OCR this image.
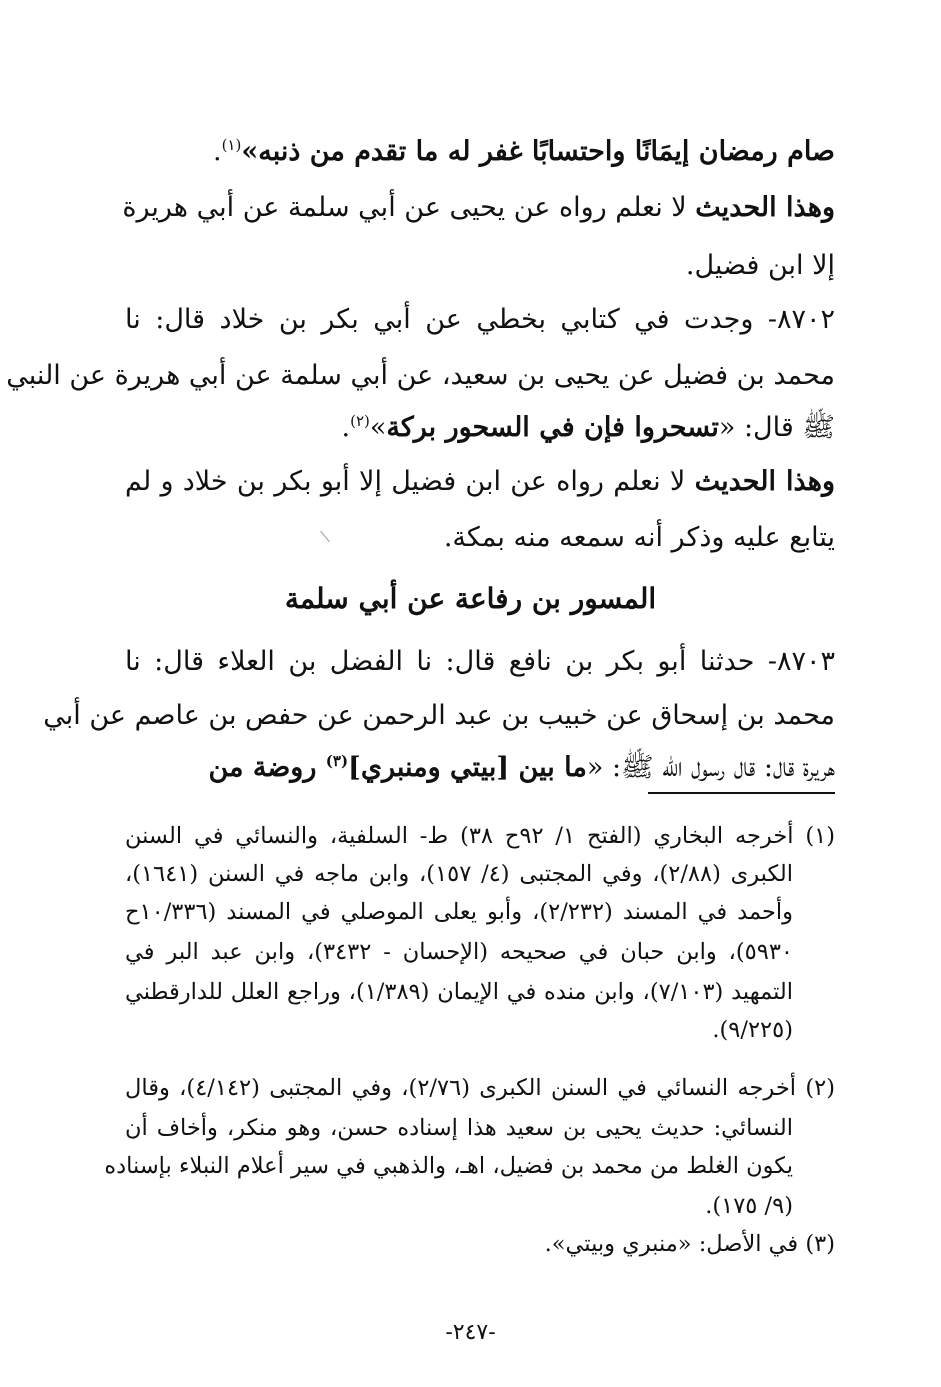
صام رمضان إيمَانًا واحتسابًا غفر له ما تقدم من ذنبه»$^{(١)}$.
وهذا الحديث لا نعلم رواه عن يحيى عن أبي سلمة عن أبي هريرة
إلا ابن فضيل.
٨٧٠٢- وجدت في كتابي بخطي عن أبي بكر بن خلاد قال: نا
محمد بن فضيل عن يحيى بن سعيد، عن أبي سلمة عن أبي هريرة عن النبي
ﷺ قال: «تسحروا فإن في السحور بركة»$^{(٢)}$.
وهذا الحديث لا نعلم رواه عن ابن فضيل إلا أبو بكر بن خلاد و لم
يتابع عليه وذكر أنه سمعه منه بمكة.
المسور بن رفاعة عن أبي سلمة
٨٧٠٣- حدثنا أبو بكر بن نافع قال: نا الفضل بن العلاء قال: نا
محمد بن إسحاق عن خبيب بن عبد الرحمن عن حفص بن عاصم عن أبي
هريرة قال: قال رسول الله ﷺ: «ما بين [بيتي ومنبري]$^{(٣)}$ روضة من
(١) أخرجه البخاري (الفتح ١/ ٩٢ح ٣٨) ط- السلفية، والنسائي في السنن
الكبرى (٢/٨٨)، وفي المجتبى (٤/ ١٥٧)، وابن ماجه في السنن (١٦٤١)،
وأحمد في المسند (٢/٢٣٢)، وأبو يعلى الموصلي في المسند (١٠/٣٣٦ح
٥٩٣٠)، وابن حبان في صحيحه (الإحسان - ٣٤٣٢)، وابن عبد البر في
التمهيد (٧/١٠٣)، وابن منده في الإيمان (١/٣٨٩)، وراجع العلل للدارقطني
(٩/٢٢٥).
(٢) أخرجه النسائي في السنن الكبرى (٢/٧٦)، وفي المجتبى (٤/١٤٢)، وقال
النسائي: حديث يحيى بن سعيد هذا إسناده حسن، وهو منكر، وأخاف أن
يكون الغلط من محمد بن فضيل، اهـ، والذهبي في سير أعلام النبلاء بإسناده
(٩/ ١٧٥).
(٣) في الأصل: «منبري وبيتي».
-٢٤٧-
